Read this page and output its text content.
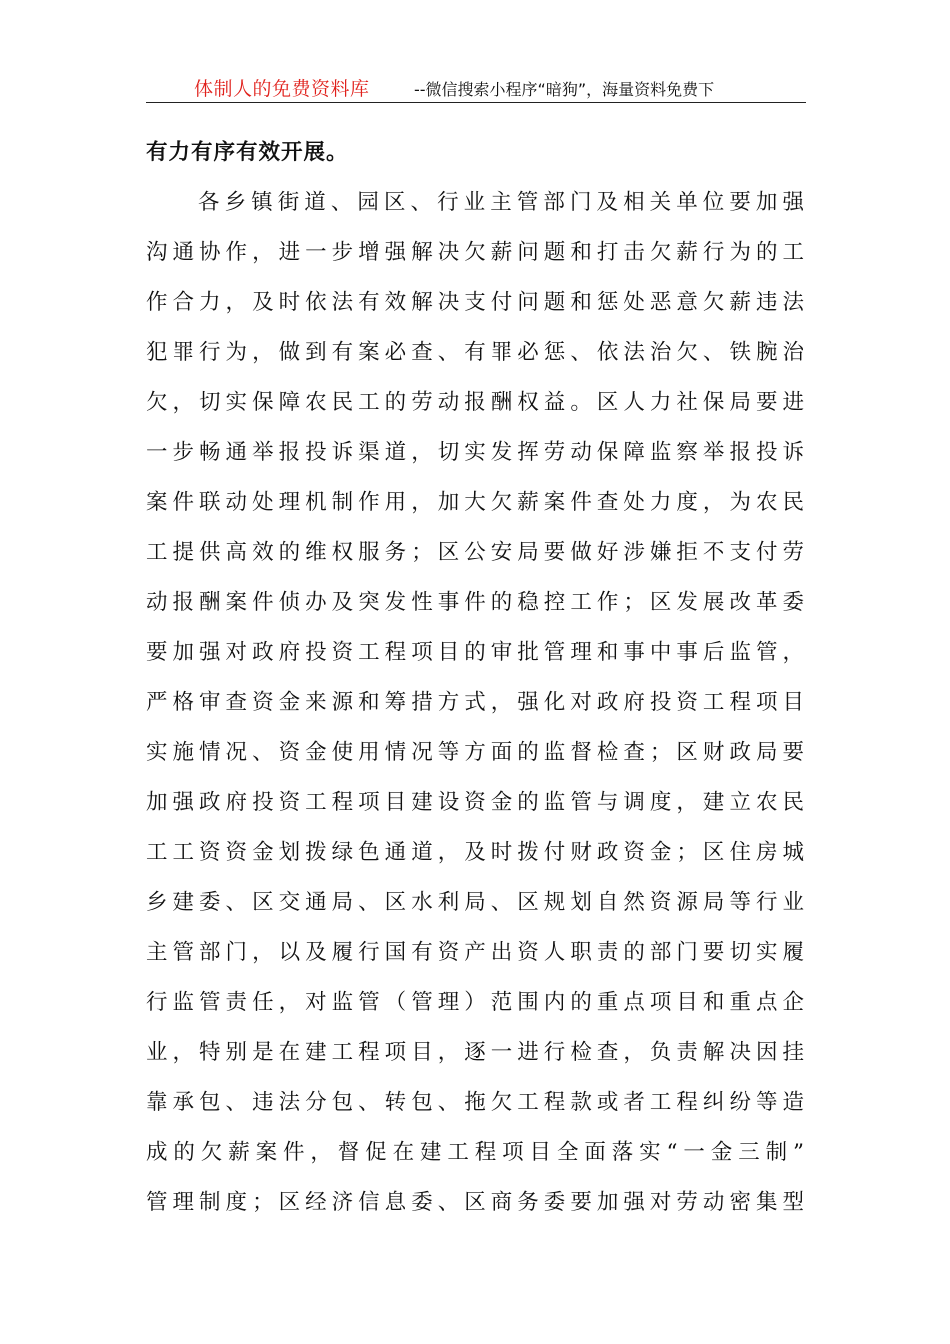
体制人的免费资料库	--微信搜索小程序“暗狗”，海量资料免费下
有力有序有效开展。
各乡镇街道、园区、行业主管部门及相关单位要加强
沟通协作，进一步增强解决欠薪问题和打击欠薪行为的工
作合力，及时依法有效解决支付问题和惩处恶意欠薪违法
犯罪行为，做到有案必查、有罪必惩、依法治欠、铁腕治
欠，切实保障农民工的劳动报酬权益。区人力社保局要进
一步畅通举报投诉渠道，切实发挥劳动保障监察举报投诉
案件联动处理机制作用，加大欠薪案件查处力度，为农民
工提供高效的维权服务；区公安局要做好涉嫌拒不支付劳
动报酬案件侦办及突发性事件的稳控工作；区发展改革委
要加强对政府投资工程项目的审批管理和事中事后监管，
严格审查资金来源和筹措方式，强化对政府投资工程项目
实施情况、资金使用情况等方面的监督检查；区财政局要
加强政府投资工程项目建设资金的监管与调度，建立农民
工工资资金划拨绿色通道，及时拨付财政资金；区住房城
乡建委、区交通局、区水利局、区规划自然资源局等行业
主管部门，以及履行国有资产出资人职责的部门要切实履
行监管责任，对监管（管理）范围内的重点项目和重点企
业，特别是在建工程项目，逐一进行检查，负责解决因挂
靠承包、违法分包、转包、拖欠工程款或者工程纠纷等造
成的欠薪案件，督促在建工程项目全面落实“一金三制”
管理制度；区经济信息委、区商务委要加强对劳动密集型
